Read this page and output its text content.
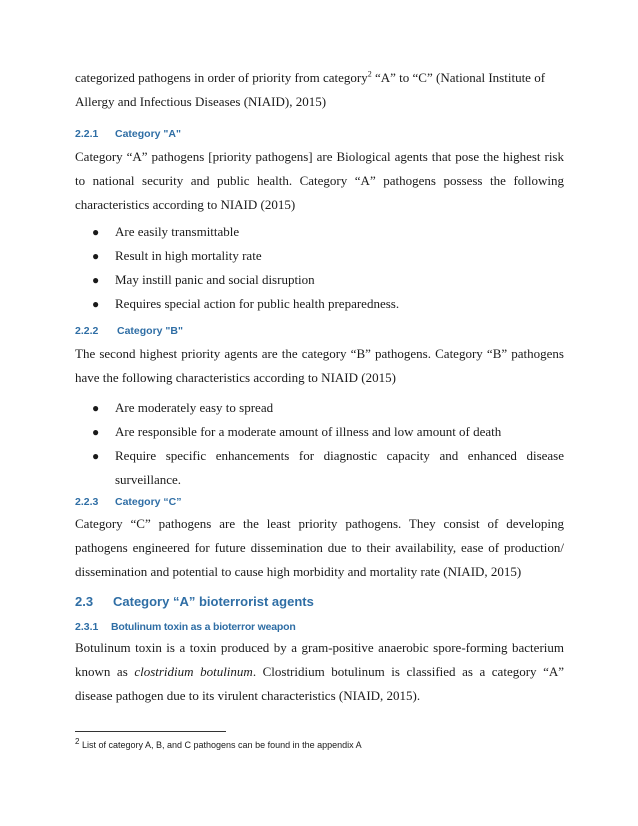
categorized pathogens in order of priority from category$^2$ “A” to “C” (National Institute of
Allergy and Infectious Diseases (NIAID), 2015)
2.2.1 Category "A"
Category “A” pathogens [priority pathogens] are Biological agents that pose the highest risk to national security and public health. Category “A” pathogens possess the following characteristics according to NIAID (2015)
● Are easily transmittable
● Result in high mortality rate
● May instill panic and social disruption
● Requires special action for public health preparedness.
2.2.2 Category "B"
The second highest priority agents are the category “B” pathogens. Category “B” pathogens have the following characteristics according to NIAID (2015)
● Are moderately easy to spread
● Are responsible for a moderate amount of illness and low amount of death
● Require specific enhancements for diagnostic capacity and enhanced disease surveillance.
2.2.3 Category “C”
Category “C” pathogens are the least priority pathogens. They consist of developing pathogens engineered for future dissemination due to their availability, ease of production/ dissemination and potential to cause high morbidity and mortality rate (NIAID, 2015)
2.3 Category “A” bioterrorist agents
2.3.1 Botulinum toxin as a bioterror weapon
Botulinum toxin is a toxin produced by a gram-positive anaerobic spore-forming bacterium known as clostridium botulinum. Clostridium botulinum is classified as a category “A” disease pathogen due to its virulent characteristics (NIAID, 2015).
$^2$ List of category A, B, and C pathogens can be found in the appendix A
